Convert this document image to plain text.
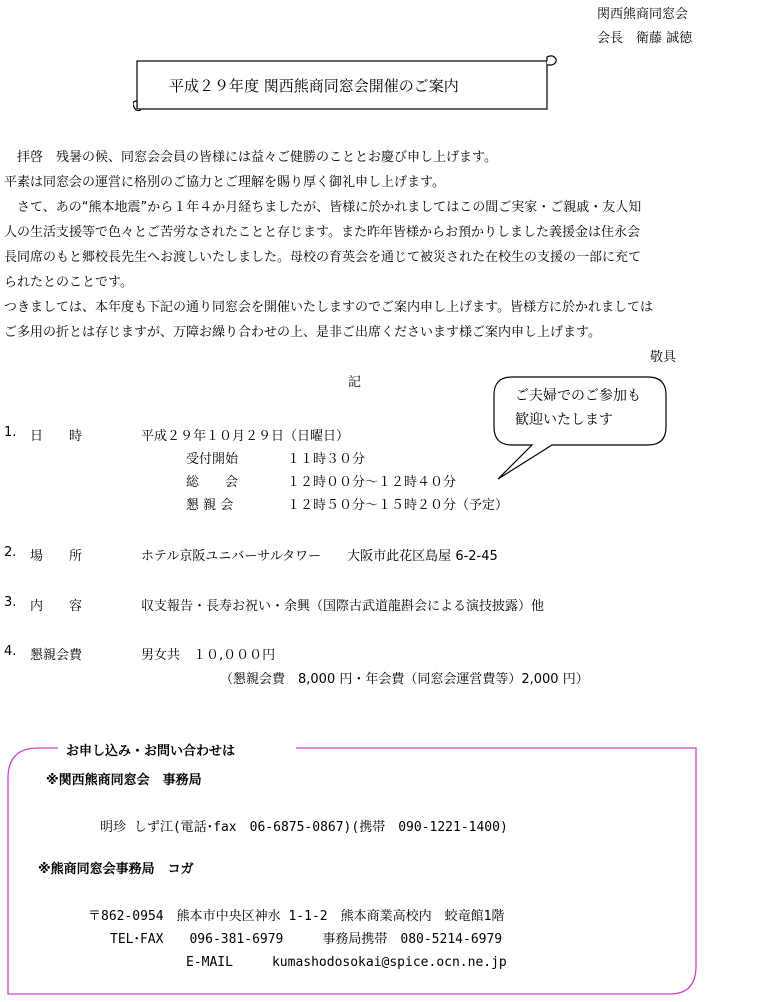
関西熊商同窓会
会長　衛藤 誠徳
平成２９年度 関西熊商同窓会開催のご案内
　拝啓　残暑の候、同窓会会員の皆様には益々ご健勝のこととお慶び申し上げます。
平素は同窓会の運営に格別のご協力とご理解を賜り厚く御礼申し上げます。
　さて、あの“熊本地震”から１年４か月経ちましたが、皆様に於かれましてはこの間ご実家・ご親戚・友人知
人の生活支援等で色々とご苦労なされたことと存じます。また昨年皆様からお預かりしました義援金は住永会
長同席のもと郷校長先生へお渡しいたしました。母校の育英会を通じて被災された在校生の支援の一部に充て
られたとのことです。
つきましては、本年度も下記の通り同窓会を開催いたしますのでご案内申し上げます。皆様方に於かれましては
ご多用の折とは存じますが、万障お繰り合わせの上、是非ご出席くださいます様ご案内申し上げます。
敬具
記
ご夫婦でのご参加も
歓迎いたします
1. 日　　時	平成２９年１０月２９日（日曜日）
受付開始	１１時３０分
総　　会	１２時００分～１２時４０分
懇 親 会	１２時５０分～１５時２０分（予定）
2. 場　　所	ホテル京阪ユニバーサルタワー　　大阪市此花区島屋 6-2-45
3. 内　　容	収支報告・長寿お祝い・余興（国際古武道龍斟会による演技披露）他
4. 懇親会費	男女共　１０,０００円
（懇親会費　8,000 円・年会費（同窓会運営費等）2,000 円）
お申し込み・お問い合わせは
※関西熊商同窓会　事務局
明珍 しず江(電話･fax　06-6875-0867)(携帯　090-1221-1400)
※熊商同窓会事務局　コガ
〒862-0954　熊本市中央区神水 1-1-2　熊本商業高校内　蛟竜館1階
TEL･FAX　　096-381-6979　　　事務局携帯　080-5214-6979
E-MAIL　　　kumashodosokai@spice.ocn.ne.jp
